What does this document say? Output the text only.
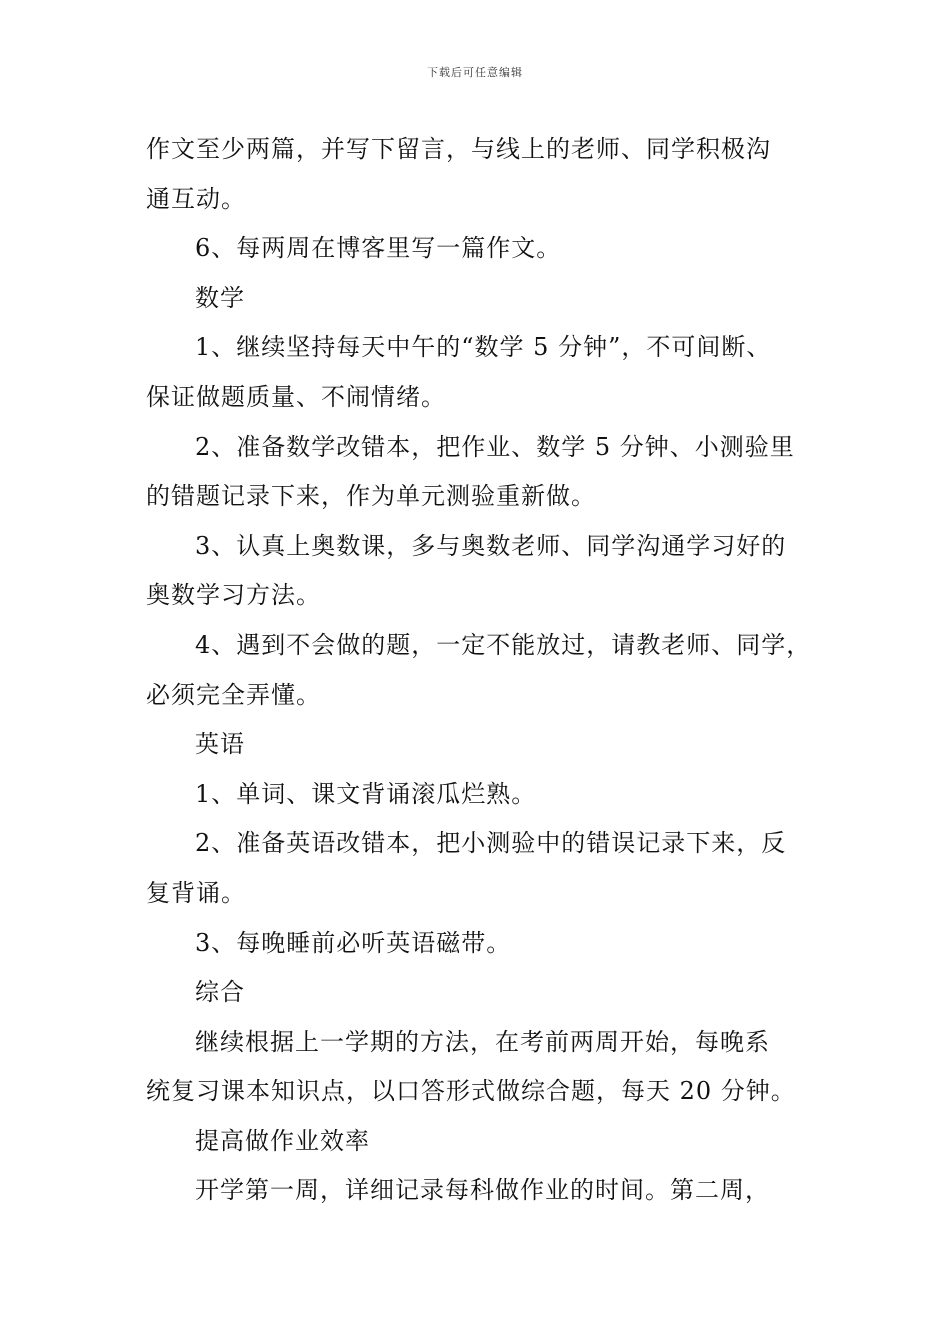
下载后可任意编辑
作文至少两篇，并写下留言，与线上的老师、同学积极沟
通互动。
6、每两周在博客里写一篇作文。
数学
1、继续坚持每天中午的“数学 5 分钟”，不可间断、
保证做题质量、不闹情绪。
2、准备数学改错本，把作业、数学 5 分钟、小测验里
的错题记录下来，作为单元测验重新做。
3、认真上奥数课，多与奥数老师、同学沟通学习好的
奥数学习方法。
4、遇到不会做的题，一定不能放过，请教老师、同学，
必须完全弄懂。
英语
1、单词、课文背诵滚瓜烂熟。
2、准备英语改错本，把小测验中的错误记录下来，反
复背诵。
3、每晚睡前必听英语磁带。
综合
继续根据上一学期的方法，在考前两周开始，每晚系
统复习课本知识点，以口答形式做综合题，每天 20 分钟。
提高做作业效率
开学第一周，详细记录每科做作业的时间。第二周，
